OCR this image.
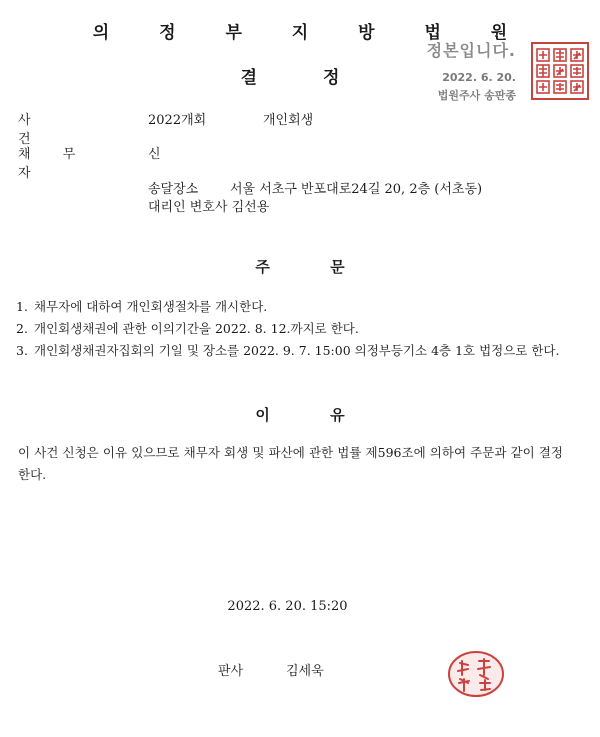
의 정 부 지 방 법 원
결 정
정본입니다.
2022. 6. 20.
법원주사 송판종
사 건
2022개회	개인회생
채 무 자
신
송달장소 서울 서초구 반포대로24길 20, 2층 (서초동)
대리인 변호사 김선용
주 문
1. 채무자에 대하여 개인회생절차를 개시한다.
2. 개인회생채권에 관한 이의기간을 2022. 8. 12.까지로 한다.
3. 개인회생채권자집회의 기일 및 장소를 2022. 9. 7. 15:00 의정부등기소 4층 1호 법정으로 한다.
이 유
이 사건 신청은 이유 있으므로 채무자 회생 및 파산에 관한 법률 제596조에 의하여 주문과 같이 결정한다.
2022. 6. 20. 15:20
판사	김세욱
